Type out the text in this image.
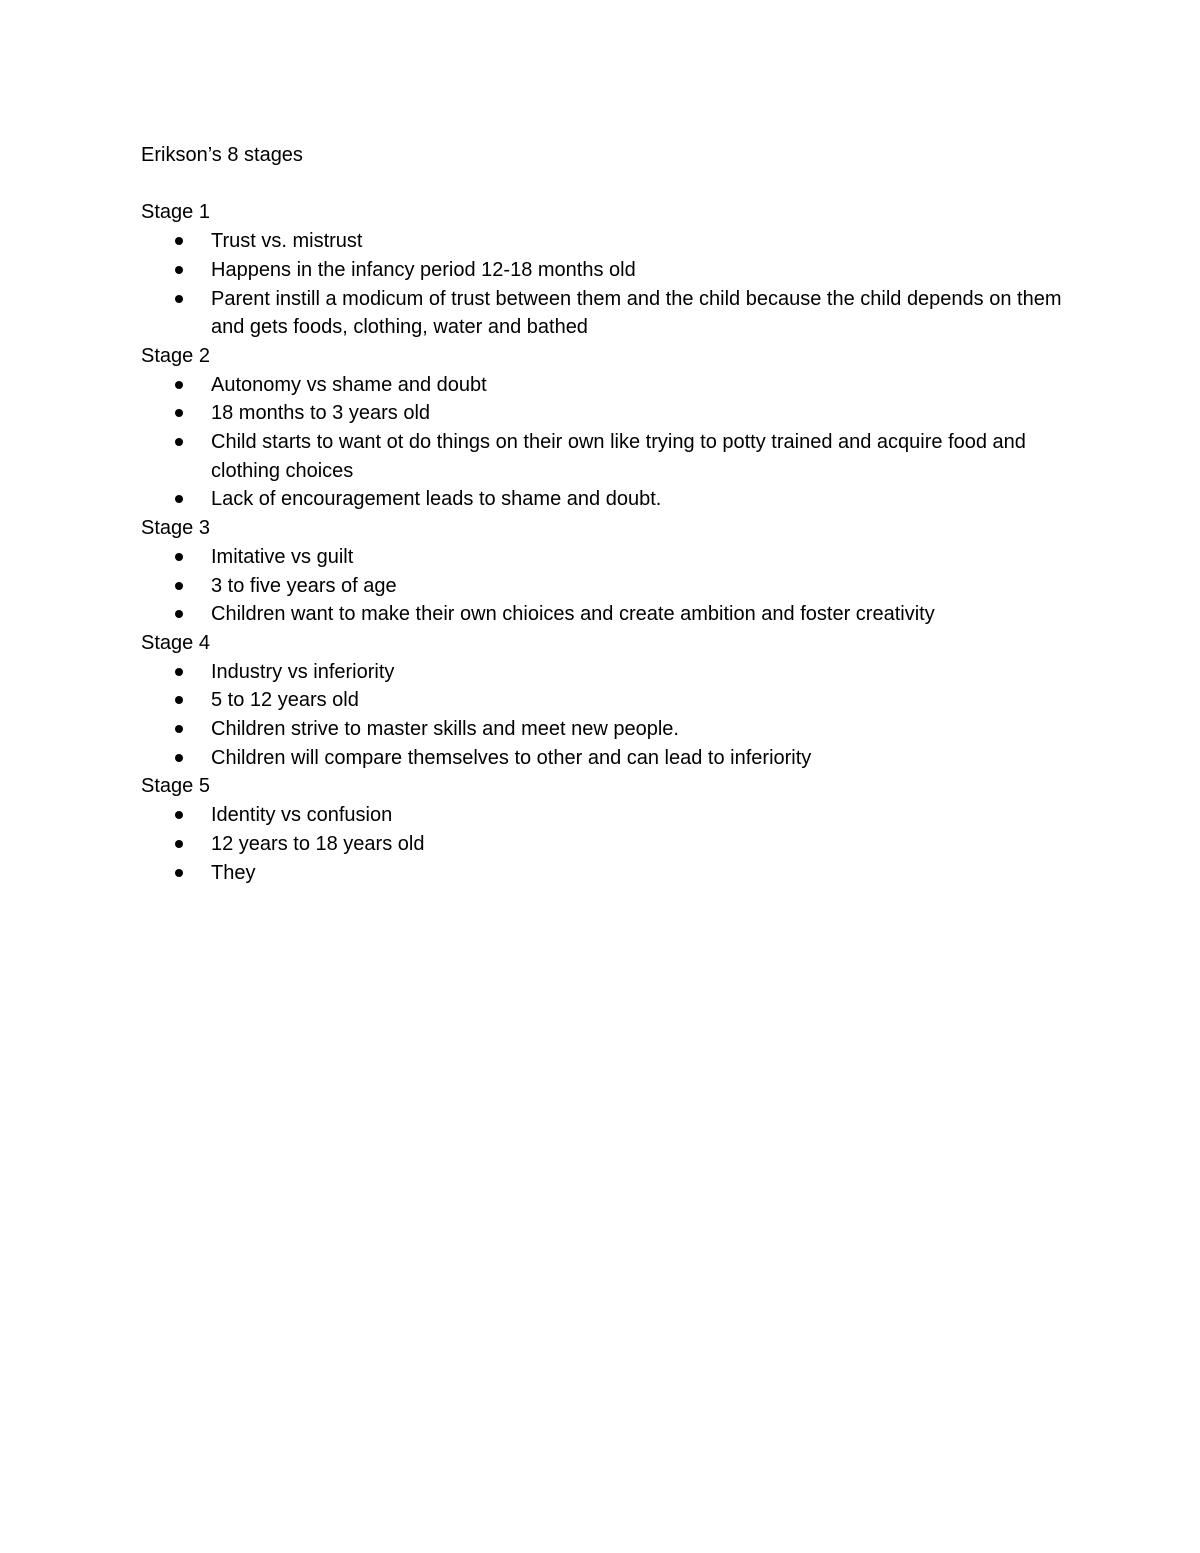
Erikson’s 8 stages

Stage 1

Trust vs. mistrust
Happens in the infancy period 12-18 months old
Parent instill a modicum of trust between them and the child because the child depends on them and gets foods, clothing, water and bathed

Stage 2

Autonomy vs shame and doubt
18 months to 3 years old
Child starts to want ot do things on their own like trying to potty trained and acquire food and clothing choices
Lack of encouragement leads to shame and doubt.

Stage 3

Imitative vs guilt
3 to five years of age
Children want to make their own chioices and create ambition and foster creativity

Stage 4

Industry vs inferiority
5 to 12 years old
Children strive to master skills and meet new people.
Children will compare themselves to other and can lead to inferiority

Stage 5

Identity vs confusion
12 years to 18 years old
They
